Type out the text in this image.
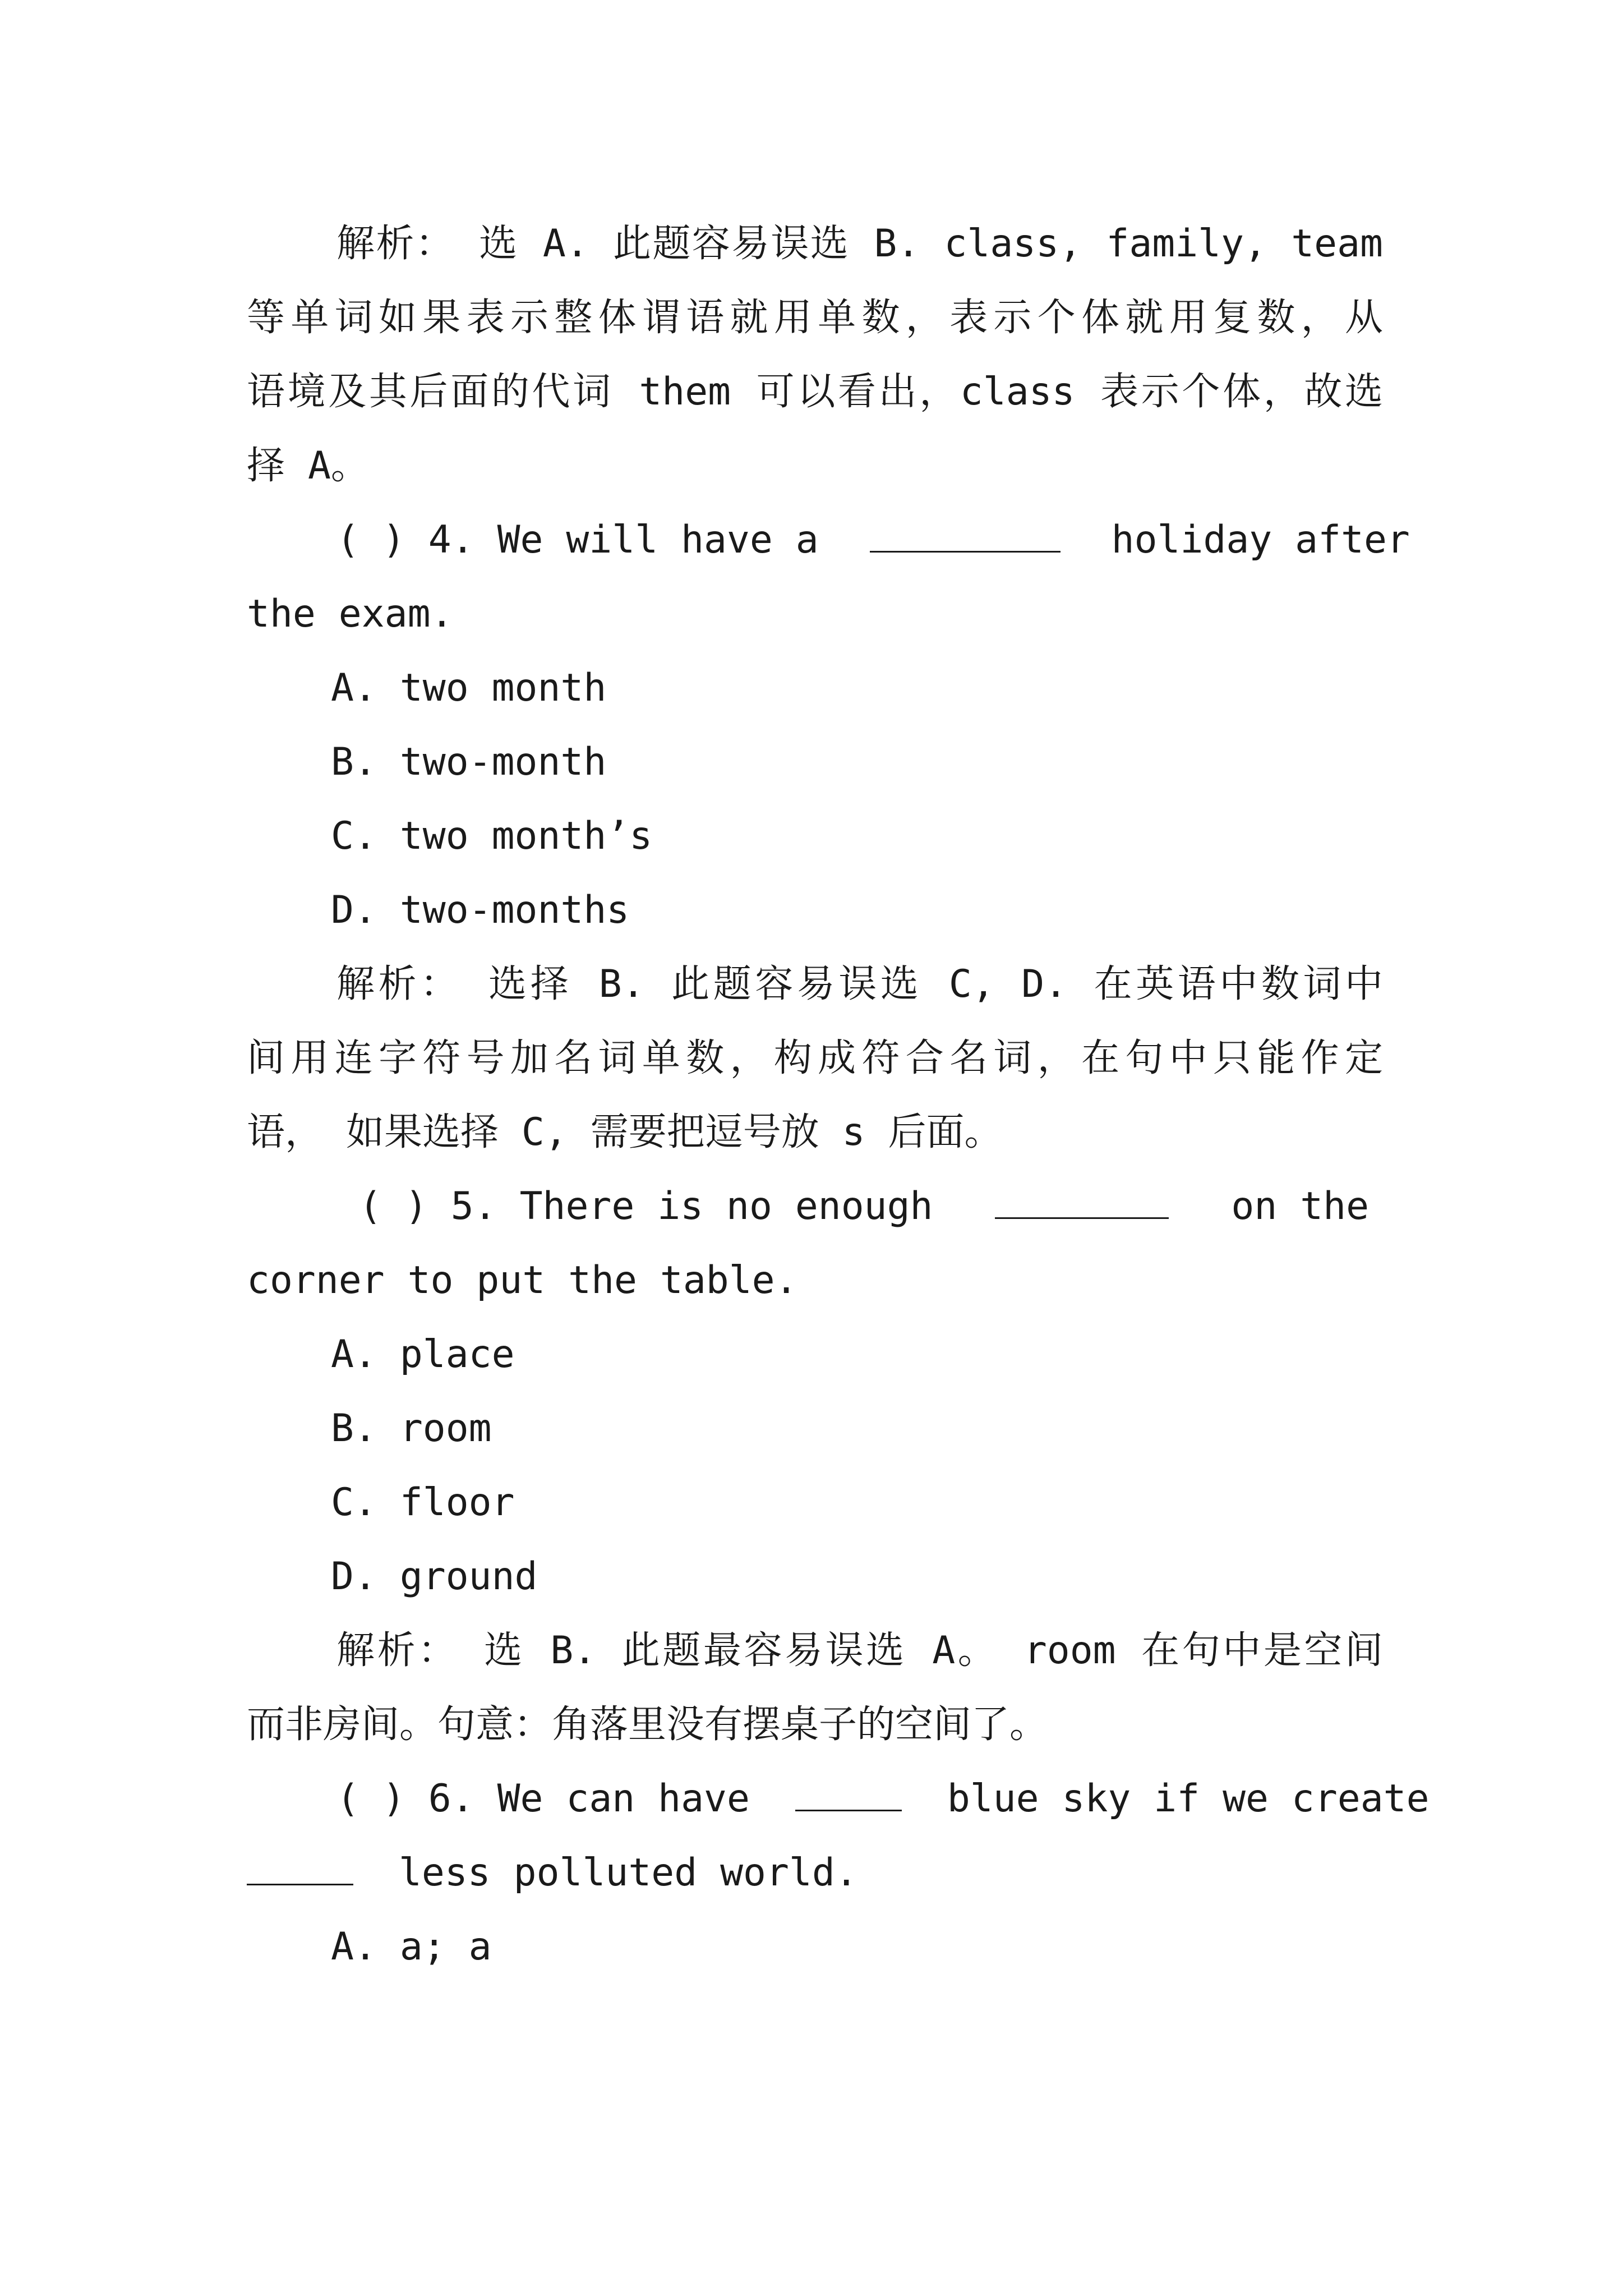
解析： 选 A. 此题容易误选 B. class, family, team
等单词如果表示整体谓语就用单数，表示个体就用复数，从
语境及其后面的代词 them 可以看出，class 表示个体，故选
择 A。
( ) 4. We will have a	holiday after
the exam.
A. two month
B. two-month
C. two month’s
D. two-months
解析： 选择 B. 此题容易误选 C, D. 在英语中数词中
间用连字符号加名词单数，构成符合名词，在句中只能作定
语， 如果选择 C, 需要把逗号放 s 后面。
( ) 5. There is no enough	on the
corner to put the table.
A. place
B. room
C. floor
D. ground
解析： 选 B. 此题最容易误选 A。 room 在句中是空间
而非房间。句意：角落里没有摆桌子的空间了。
( ) 6. We can have	blue sky if we create
less polluted world.
A. a; a
